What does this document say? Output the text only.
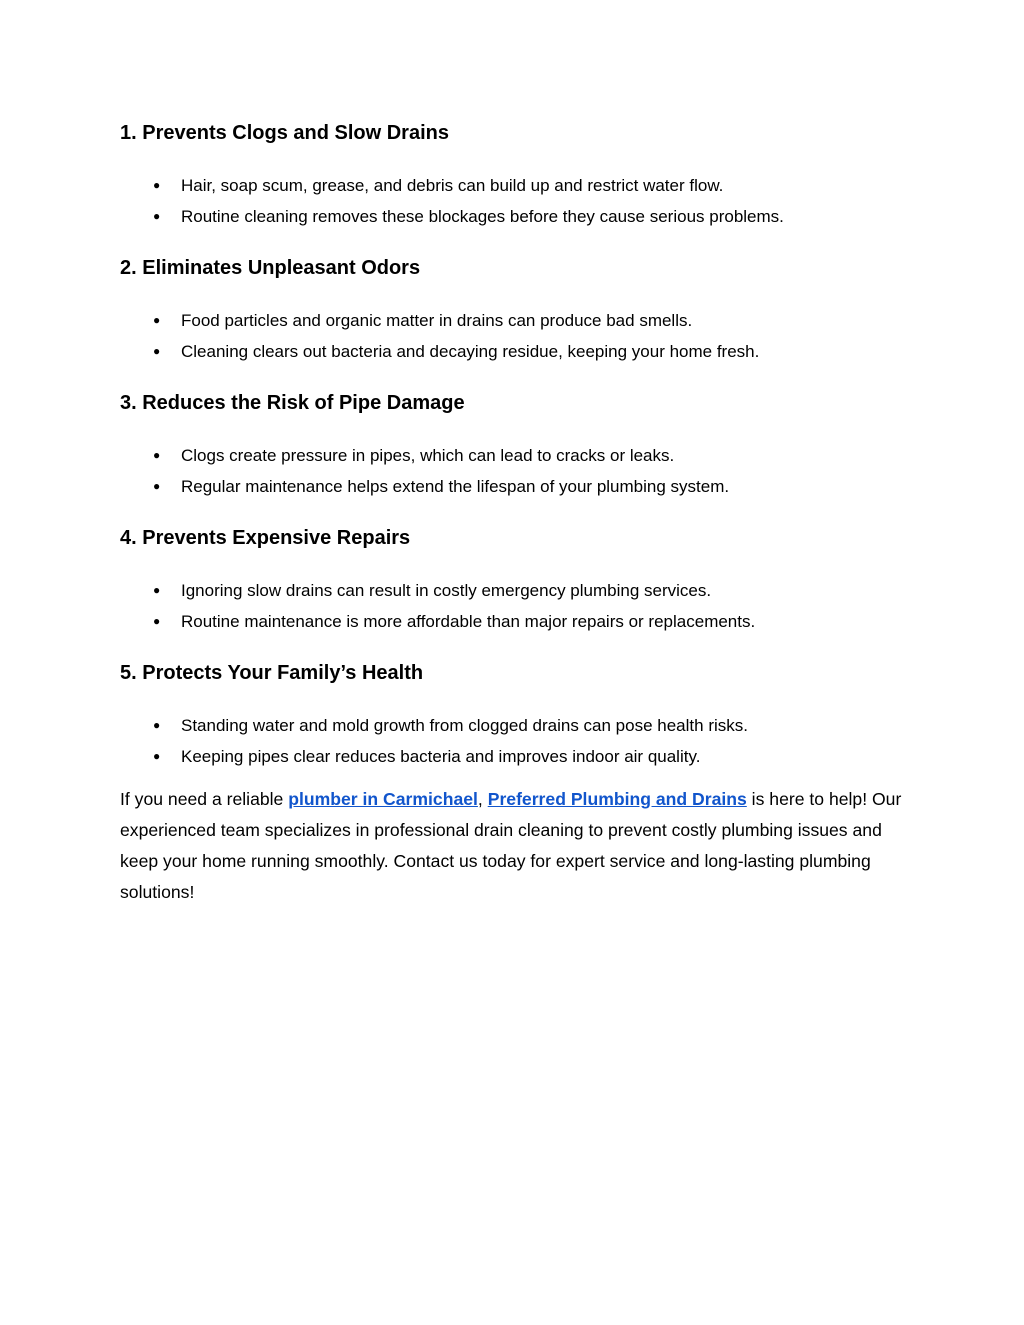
1. Prevents Clogs and Slow Drains
● Hair, soap scum, grease, and debris can build up and restrict water flow.
● Routine cleaning removes these blockages before they cause serious problems.
2. Eliminates Unpleasant Odors
● Food particles and organic matter in drains can produce bad smells.
● Cleaning clears out bacteria and decaying residue, keeping your home fresh.
3. Reduces the Risk of Pipe Damage
● Clogs create pressure in pipes, which can lead to cracks or leaks.
● Regular maintenance helps extend the lifespan of your plumbing system.
4. Prevents Expensive Repairs
● Ignoring slow drains can result in costly emergency plumbing services.
● Routine maintenance is more affordable than major repairs or replacements.
5. Protects Your Family’s Health
● Standing water and mold growth from clogged drains can pose health risks.
● Keeping pipes clear reduces bacteria and improves indoor air quality.

If you need a reliable plumber in Carmichael, Preferred Plumbing and Drains is here to help! Our experienced team specializes in professional drain cleaning to prevent costly plumbing issues and keep your home running smoothly. Contact us today for expert service and long-lasting plumbing solutions!
